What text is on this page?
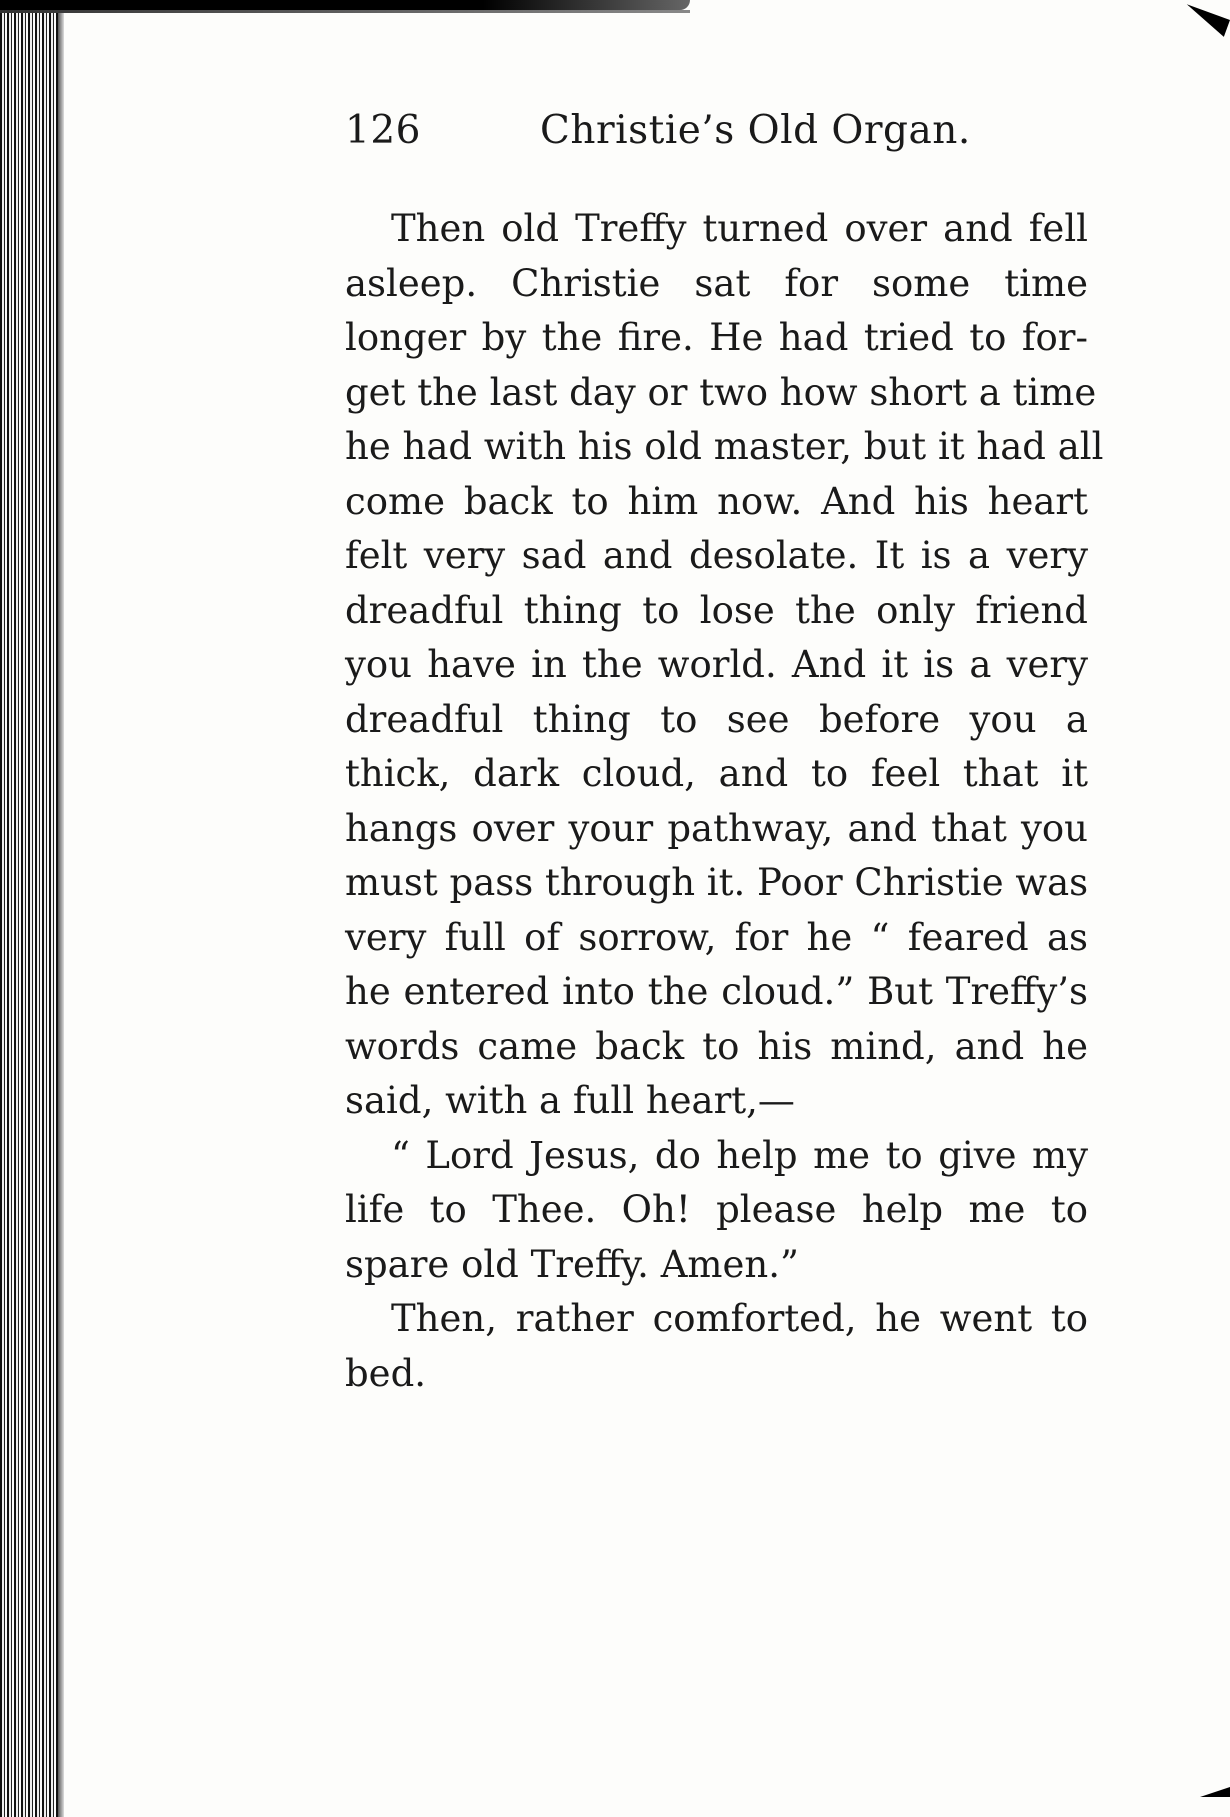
126	Christie’s Old Organ.
Then old Treffy turned over and fell
asleep. Christie sat for some time
longer by the fire. He had tried to for-
get the last day or two how short a time
he had with his old master, but it had all
come back to him now. And his heart
felt very sad and desolate. It is a very
dreadful thing to lose the only friend
you have in the world. And it is a very
dreadful thing to see before you a
thick, dark cloud, and to feel that it
hangs over your pathway, and that you
must pass through it. Poor Christie was
very full of sorrow, for he “ feared as
he entered into the cloud.” But Treffy’s
words came back to his mind, and he
said, with a full heart,—
“ Lord Jesus, do help me to give my
life to Thee. Oh! please help me to
spare old Treffy. Amen.”
Then, rather comforted, he went to
bed.
